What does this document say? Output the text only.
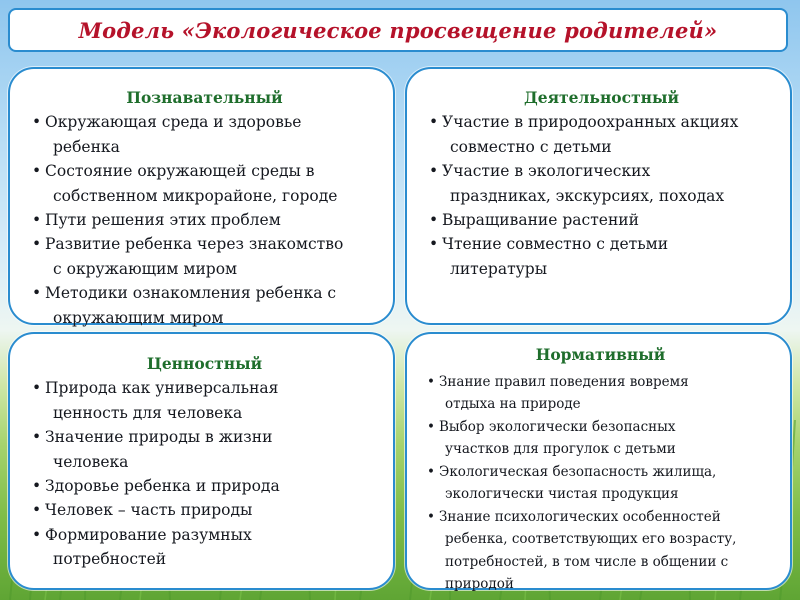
Модель «Экологическое просвещение родителей»
Познавательный
• Окружающая среда и здоровье
ребенка
• Состояние окружающей среды в
собственном микрорайоне, городе
• Пути решения этих проблем
• Развитие ребенка через знакомство
с окружающим миром
• Методики ознакомления ребенка с
окружающим миром
Деятельностный
• Участие в природоохранных акциях
совместно с детьми
• Участие в экологических
праздниках, экскурсиях, походах
• Выращивание растений
• Чтение совместно с детьми
литературы
Ценностный
• Природа как универсальная
ценность для человека
• Значение природы в жизни
человека
• Здоровье ребенка и природа
• Человек – часть природы
• Формирование разумных
потребностей
Нормативный
• Знание правил поведения вовремя
отдыха на природе
• Выбор экологически безопасных
участков для прогулок с детьми
• Экологическая безопасность жилища,
экологически чистая продукция
• Знание психологических особенностей
ребенка, соответствующих его возрасту,
потребностей, в том числе в общении с
природой
